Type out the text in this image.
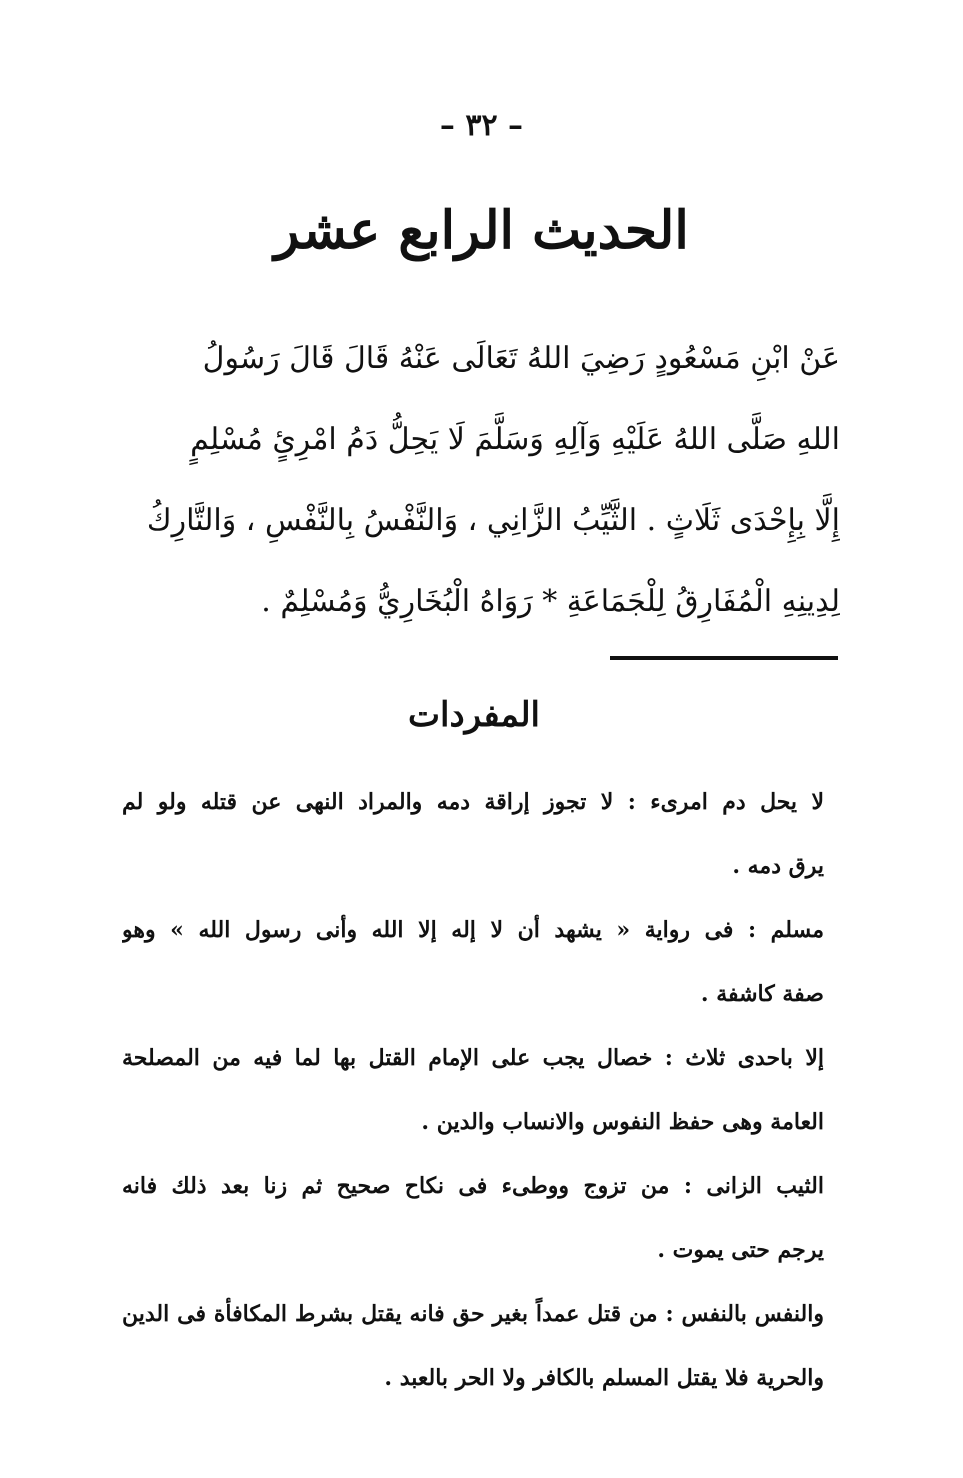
– ٣٢ –
الحديث الرابع عشر
عَنْ ابْنِ مَسْعُودٍ رَضِيَ اللهُ تَعَالَى عَنْهُ قَالَ قَالَ رَسُولُ
اللهِ صَلَّى اللهُ عَلَيْهِ وَآلِهِ وَسَلَّمَ لَا يَحِلُّ دَمُ امْرِئٍ مُسْلِمٍ
إِلَّا بِإِحْدَى ثَلَاثٍ . الثَّيِّبُ الزَّانِي ، وَالنَّفْسُ بِالنَّفْسِ ، وَالتَّارِكُ
لِدِينِهِ الْمُفَارِقُ لِلْجَمَاعَةِ * رَوَاهُ الْبُخَارِيُّ وَمُسْلِمٌ .
المفردات
لا يحل دم امرىء : لا تجوز إراقة دمه والمراد النهى عن قتله ولو لم
يرق دمه .
مسلم : فى رواية « يشهد أن لا إله إلا الله وأنى رسول الله » وهو
صفة كاشفة .
إلا باحدى ثلاث : خصال يجب على الإمام القتل بها لما فيه من المصلحة
العامة وهى حفظ النفوس والانساب والدين .
الثيب الزانى : من تزوج ووطىء فى نكاح صحيح ثم زنا بعد ذلك فانه
يرجم حتى يموت .
والنفس بالنفس : من قتل عمداً بغير حق فانه يقتل بشرط المكافأة فى الدين
والحرية فلا يقتل المسلم بالكافر ولا الحر بالعبد .
